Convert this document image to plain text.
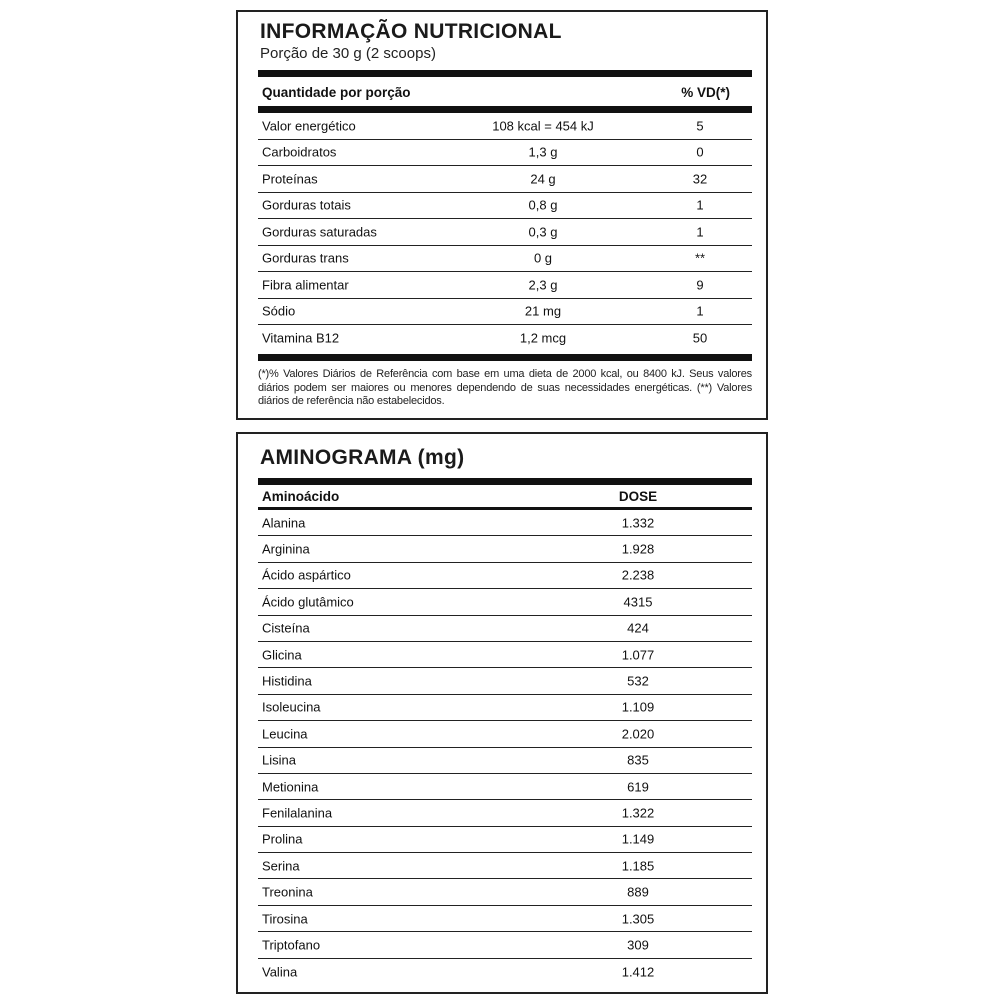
INFORMAÇÃO NUTRICIONAL
Porção de 30 g (2 scoops)
Quantidade por porção	% VD(*)
Valor energético	108 kcal = 454 kJ	5
Carboidratos	1,3 g	0
Proteínas	24 g	32
Gorduras totais	0,8 g	1
Gorduras saturadas	0,3 g	1
Gorduras trans	0 g	**
Fibra alimentar	2,3 g	9
Sódio	21 mg	1
Vitamina B12	1,2 mcg	50
(*)% Valores Diários de Referência com base em uma dieta de 2000 kcal, ou 8400 kJ. Seus valores diários podem ser maiores ou menores dependendo de suas necessidades energéticas. (**) Valores diários de referência não estabelecidos.
AMINOGRAMA (mg)
Aminoácido	DOSE
Alanina	1.332
Arginina	1.928
Ácido aspártico	2.238
Ácido glutâmico	4315
Cisteína	424
Glicina	1.077
Histidina	532
Isoleucina	1.109
Leucina	2.020
Lisina	835
Metionina	619
Fenilalanina	1.322
Prolina	1.149
Serina	1.185
Treonina	889
Tirosina	1.305
Triptofano	309
Valina	1.412
